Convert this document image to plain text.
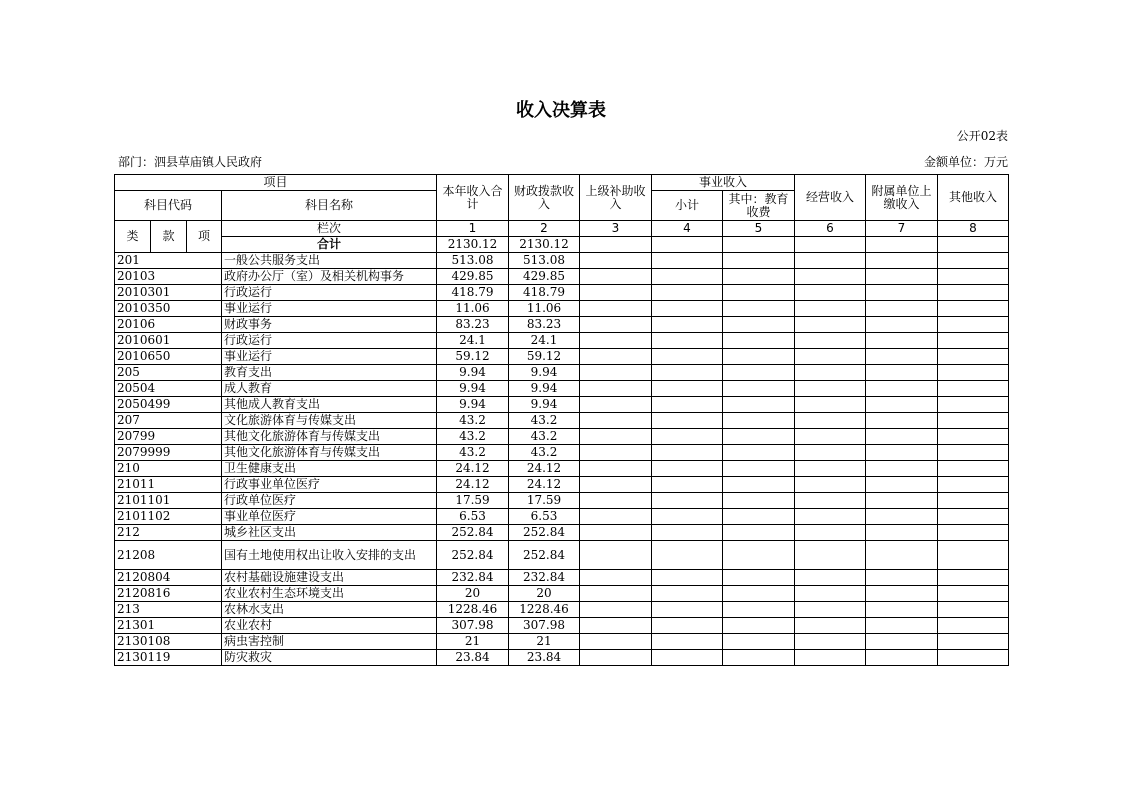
收入决算表
公开02表
部门：泗县草庙镇人民政府	金额单位：万元
项目				本年收入合计	财政拨款收入	上级补助收入	事业收入		经营收入	附属单位上缴收入	其他收入
科目代码			科目名称				小计	其中：教育收费			

类	款	项	栏次	1	2	3	4	5	6	7	8
			合计	2130.12	2130.12						
201			一般公共服务支出	513.08	513.08						
20103			政府办公厅（室）及相关机构事务	429.85	429.85						
2010301			行政运行	418.79	418.79						
2010350			事业运行	11.06	11.06						
20106			财政事务	83.23	83.23						
2010601			行政运行	24.1	24.1						
2010650			事业运行	59.12	59.12						
205			教育支出	9.94	9.94						
20504			成人教育	9.94	9.94						
2050499			其他成人教育支出	9.94	9.94						
207			文化旅游体育与传媒支出	43.2	43.2						
20799			其他文化旅游体育与传媒支出	43.2	43.2						
2079999			其他文化旅游体育与传媒支出	43.2	43.2						
210			卫生健康支出	24.12	24.12						
21011			行政事业单位医疗	24.12	24.12						
2101101			行政单位医疗	17.59	17.59						
2101102			事业单位医疗	6.53	6.53						
212			城乡社区支出	252.84	252.84						
21208			国有土地使用权出让收入安排的支出	252.84	252.84						
2120804			农村基础设施建设支出	232.84	232.84						
2120816			农业农村生态环境支出	20	20						
213			农林水支出	1228.46	1228.46						
21301			农业农村	307.98	307.98						
2130108			病虫害控制	21	21						
2130119			防灾救灾	23.84	23.84						
